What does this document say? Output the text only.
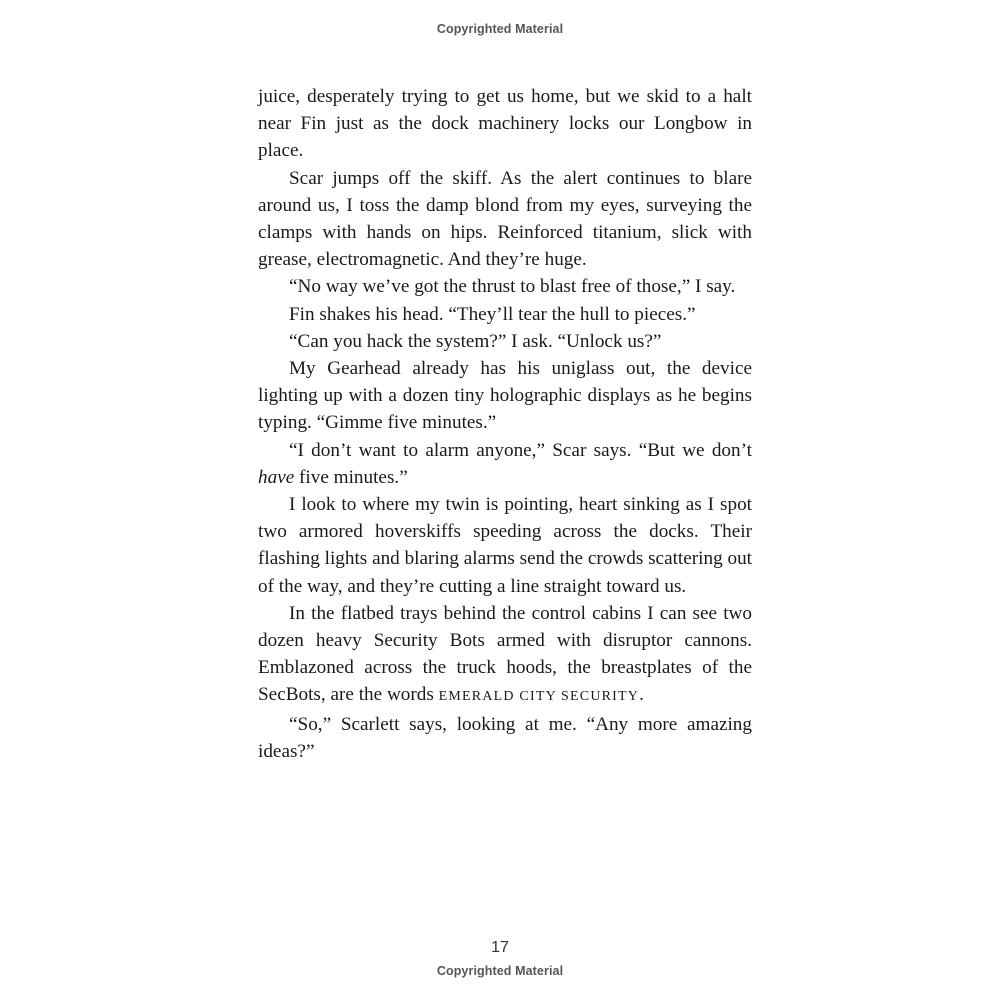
Copyrighted Material

juice, desperately trying to get us home, but we skid to a halt near Fin just as the dock machinery locks our Longbow in place.

Scar jumps off the skiff. As the alert continues to blare around us, I toss the damp blond from my eyes, surveying the clamps with hands on hips. Reinforced titanium, slick with grease, electromagnetic. And they’re huge.

“No way we’ve got the thrust to blast free of those,” I say.

Fin shakes his head. “They’ll tear the hull to pieces.”

“Can you hack the system?” I ask. “Unlock us?”

My Gearhead already has his uniglass out, the device lighting up with a dozen tiny holographic displays as he begins typing. “Gimme five minutes.”

“I don’t want to alarm anyone,” Scar says. “But we don’t have five minutes.”

I look to where my twin is pointing, heart sinking as I spot two armored hoverskiffs speeding across the docks. Their flashing lights and blaring alarms send the crowds scattering out of the way, and they’re cutting a line straight toward us.

In the flatbed trays behind the control cabins I can see two dozen heavy Security Bots armed with disruptor cannons. Emblazoned across the truck hoods, the breastplates of the SecBots, are the words EMERALD CITY SECURITY.

“So,” Scarlett says, looking at me. “Any more amazing ideas?”

17
Copyrighted Material
